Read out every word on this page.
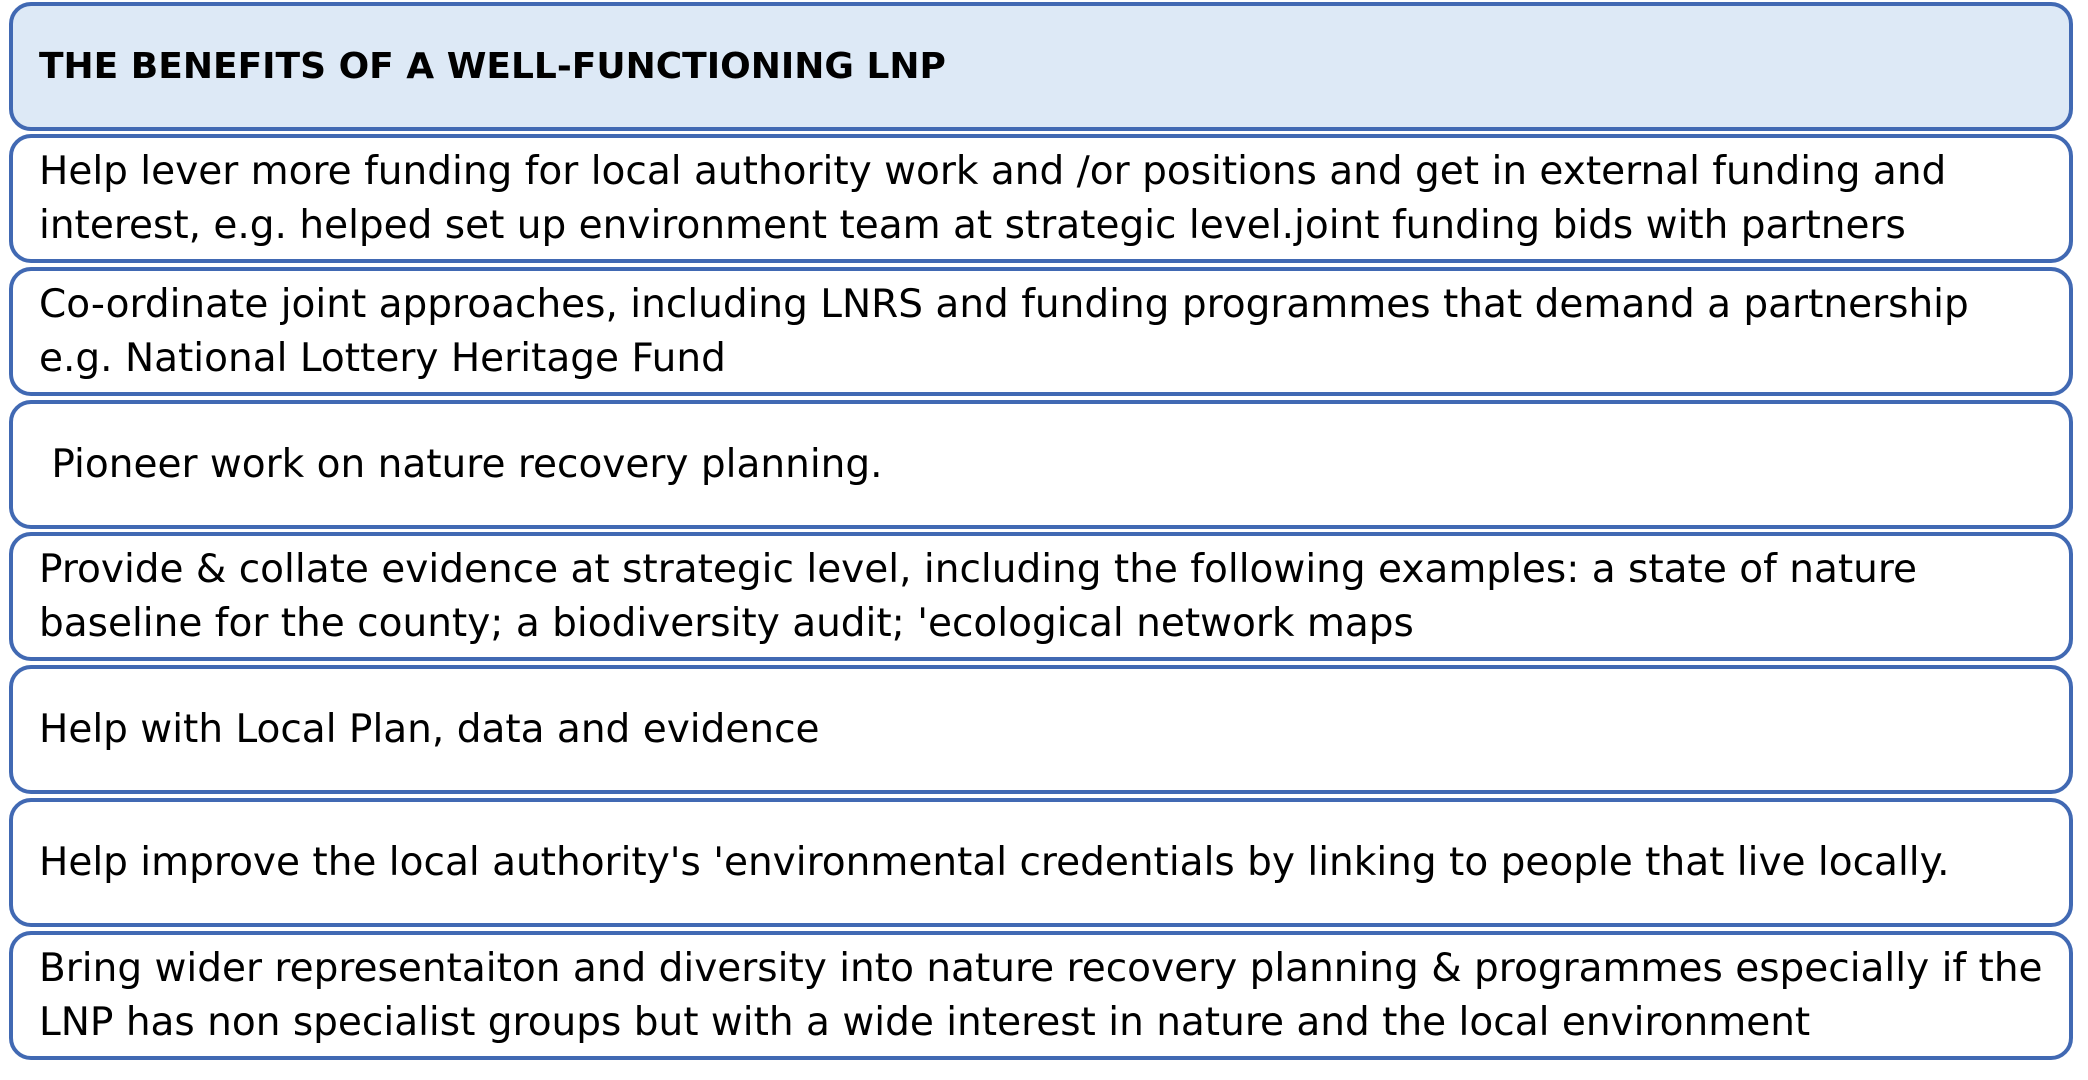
THE BENEFITS OF A WELL-FUNCTIONING LNP
Help lever more funding for local authority work and /or positions and get in external funding and interest, e.g. helped set up environment team at strategic level.joint funding bids with partners
Co-ordinate joint approaches, including LNRS and funding programmes that demand a partnership e.g. National Lottery Heritage Fund
Pioneer work on nature recovery planning.
Provide & collate evidence at strategic level, including the following examples: a state of nature baseline for the county; a biodiversity audit; 'ecological network maps
Help with Local Plan, data and evidence
Help improve the local authority's 'environmental credentials by linking to people that live locally.
Bring wider representaiton and diversity into nature recovery planning & programmes especially if the LNP has non specialist groups but with a wide interest in nature and the local environment
